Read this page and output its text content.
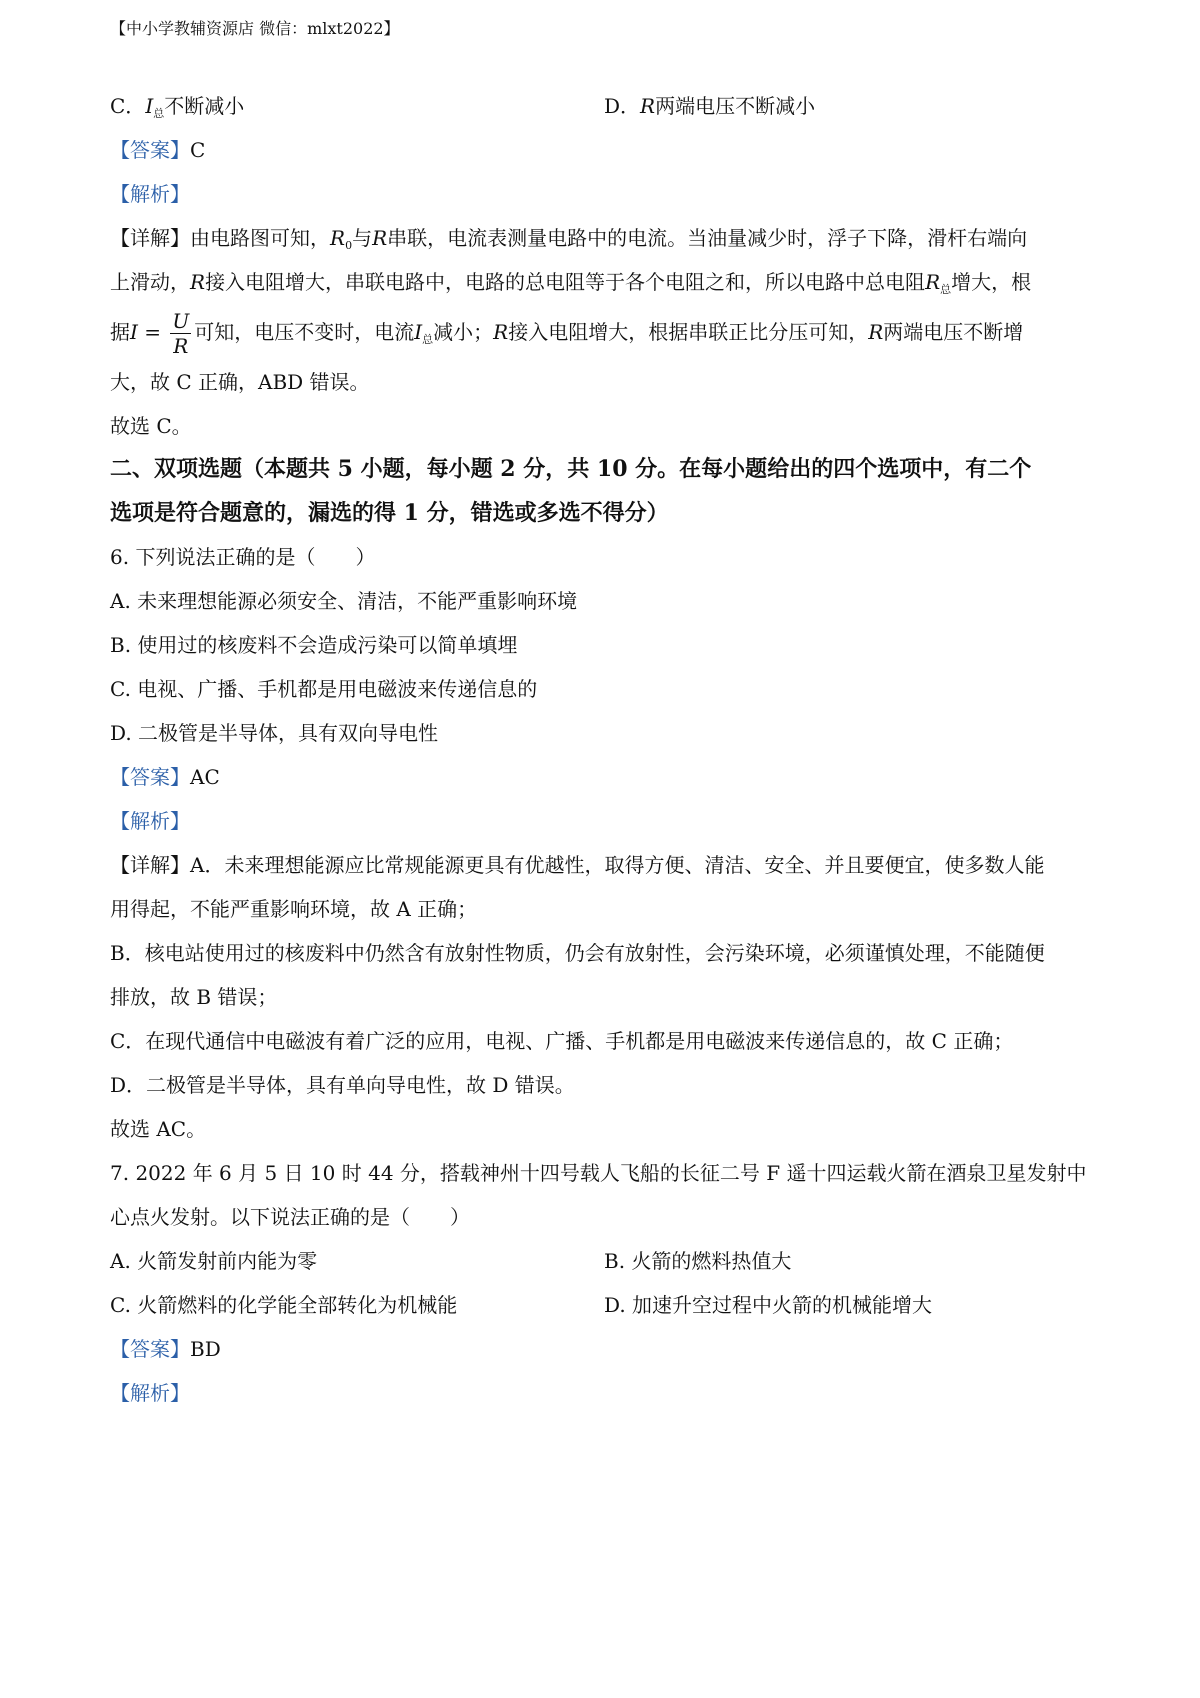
【中小学教辅资源店 微信：mlxt2022】
C．$I_总$不断减小	D．R两端电压不断减小
【答案】C
【解析】
【详解】由电路图可知，$R_0$与R串联，电流表测量电路中的电流。当油量减少时，浮子下降，滑杆右端向
上滑动，R接入电阻增大，串联电路中，电路的总电阻等于各个电阻之和，所以电路中总电阻$R_总$增大，根
据$I = \frac{U}{R}$ 可知，电压不变时，电流$I_总$减小；R接入电阻增大，根据串联正比分压可知，R两端电压不断增
大，故 C 正确，ABD 错误。
故选 C。
二、双项选题（本题共 5 小题，每小题 2 分，共 10 分。在每小题给出的四个选项中，有二个
选项是符合题意的，漏选的得 1 分，错选或多选不得分）
6. 下列说法正确的是（　　）
A. 未来理想能源必须安全、清洁，不能严重影响环境
B. 使用过的核废料不会造成污染可以简单填埋
C. 电视、广播、手机都是用电磁波来传递信息的
D. 二极管是半导体，具有双向导电性
【答案】AC
【解析】
【详解】A．未来理想能源应比常规能源更具有优越性，取得方便、清洁、安全、并且要便宜，使多数人能
用得起，不能严重影响环境，故 A 正确；
B．核电站使用过的核废料中仍然含有放射性物质，仍会有放射性，会污染环境，必须谨慎处理，不能随便
排放，故 B 错误；
C．在现代通信中电磁波有着广泛的应用，电视、广播、手机都是用电磁波来传递信息的，故 C 正确；
D．二极管是半导体，具有单向导电性，故 D 错误。
故选 AC。
7. 2022 年 6 月 5 日 10 时 44 分，搭载神州十四号载人飞船的长征二号 F 遥十四运载火箭在酒泉卫星发射中
心点火发射。以下说法正确的是（　　）
A. 火箭发射前内能为零	B. 火箭的燃料热值大
C. 火箭燃料的化学能全部转化为机械能	D. 加速升空过程中火箭的机械能增大
【答案】BD
【解析】
